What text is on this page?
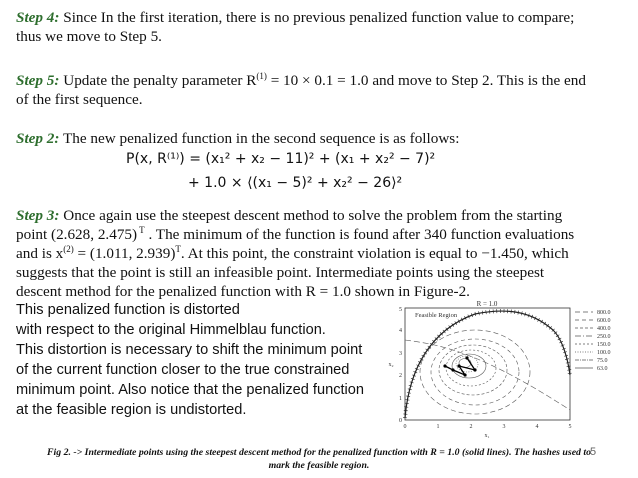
Step 4: Since In the first iteration, there is no previous penalized function value to compare;
thus we move to Step 5.
Step 5: Update the penalty parameter $R^{(1)} = 10 \times 0.1 = 1.0$ and move to Step 2. This is the end
of the first sequence.
Step 2: The new penalized function in the second sequence is as follows:
P(x, R⁽¹⁾) = (x₁² + x₂ − 11)² + (x₁ + x₂² − 7)²
+ 1.0 × ⟨(x₁ − 5)² + x₂² − 26⟩²
Step 3: Once again use the steepest descent method to solve the problem from the starting
point (2.628, 2.475) $^T$ . The minimum of the function is found after 340 function evaluations
and is $x^{(2)} = (1.011$, 2.939)$^T$. At this point, the constraint violation is equal to −1.450, which
suggests that the point is still an infeasible point. Intermediate points using the steepest
descent method for the penalized function with R = 1.0 shown in Figure-2.
This penalized function is distorted
with respect to the original Himmelblau function.
This distortion is necessary to shift the minimum point
of the current function closer to the true constrained
minimum point. Also notice that the penalized function
at the feasible region is undistorted.
R = 1.0
Feasible Region
0	1	2	3	4	5
x₁
0
1
2
3
4
5
x₂
800.0
600.0
400.0
250.0
150.0
100.0
75.0
63.0
Fig 2. -> Intermediate points using the steepest descent method for the penalized function with R = 1.0 (solid lines). The hashes used to
mark the feasible region.
5
